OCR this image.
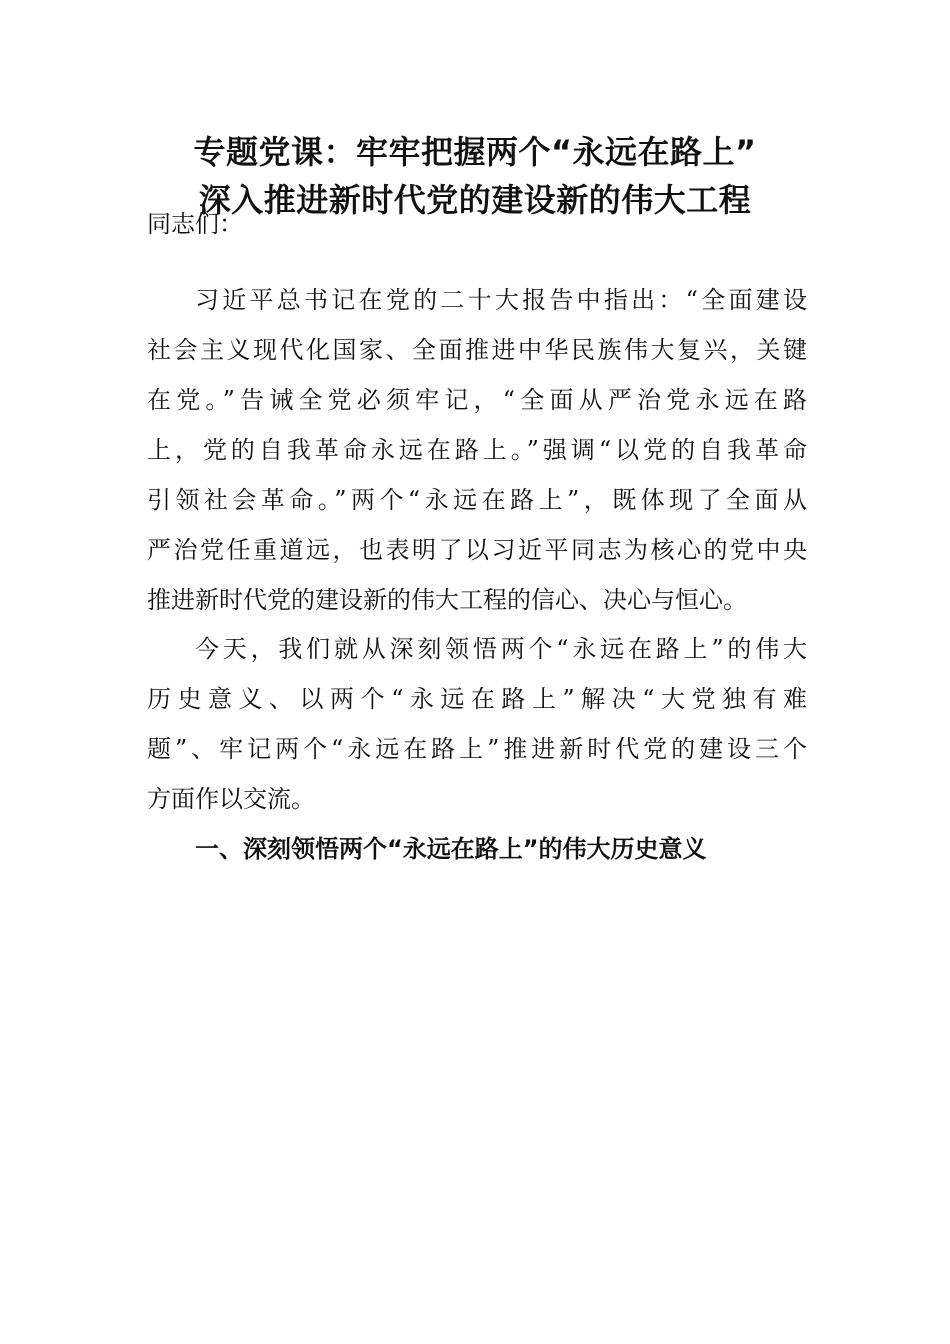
专题党课：牢牢把握两个“永远在路上”
深入推进新时代党的建设新的伟大工程
同志们：
习近平总书记在党的二十大报告中指出：“全面建设
社会主义现代化国家、全面推进中华民族伟大复兴，关键
在党。”告诫全党必须牢记，“全面从严治党永远在路
上，党的自我革命永远在路上。”强调“以党的自我革命
引领社会革命。”两个“永远在路上”，既体现了全面从
严治党任重道远，也表明了以习近平同志为核心的党中央
推进新时代党的建设新的伟大工程的信心、决心与恒心。
今天，我们就从深刻领悟两个“永远在路上”的伟大
历史意义、以两个“永远在路上”解决“大党独有难
题”、牢记两个“永远在路上”推进新时代党的建设三个
方面作以交流。
一、深刻领悟两个“永远在路上”的伟大历史意义
